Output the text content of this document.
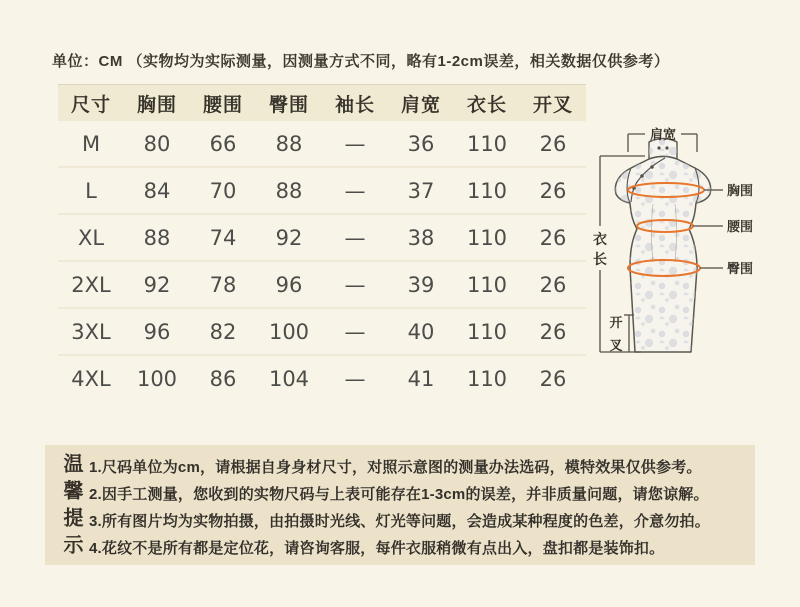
单位：CM （实物均为实际测量，因测量方式不同，略有1-2cm误差，相关数据仅供参考）
尺寸	胸围	腰围	臀围	袖长	肩宽	衣长	开叉
M	80	66	88	—	36	110	26
L	84	70	88	—	37	110	26
XL	88	74	92	—	38	110	26
2XL	92	78	96	—	39	110	26
3XL	96	82	100	—	40	110	26
4XL	100	86	104	—	41	110	26
肩宽
胸围
腰围
臀围
衣
长
开
叉
温馨提示 1.尺码单位为cm，请根据自身身材尺寸，对照示意图的测量办法选码，模特效果仅供参考。
2.因手工测量，您收到的实物尺码与上表可能存在1-3cm的误差，并非质量问题，请您谅解。
3.所有图片均为实物拍摄，由拍摄时光线、灯光等问题，会造成某种程度的色差，介意勿拍。
4.花纹不是所有都是定位花，请咨询客服，每件衣服稍微有点出入，盘扣都是装饰扣。
